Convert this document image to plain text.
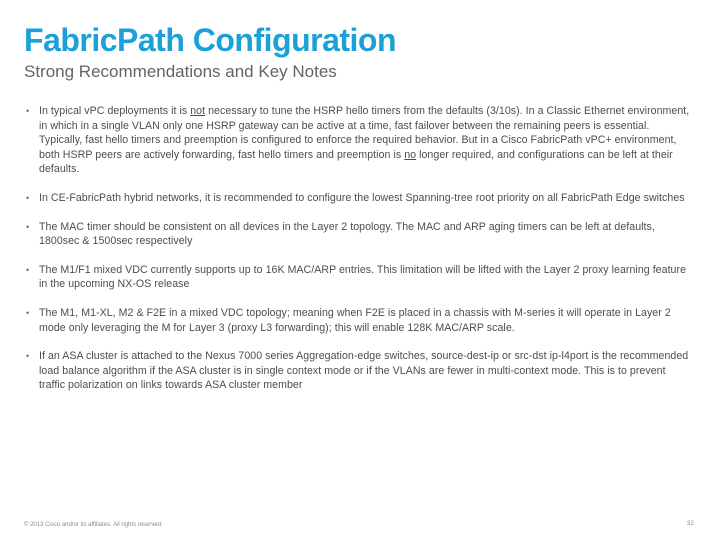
FabricPath Configuration
Strong Recommendations and Key Notes
• In typical vPC deployments it is not necessary to tune the HSRP hello timers from the defaults (3/10s). In a Classic Ethernet environment, in which in a single VLAN only one HSRP gateway can be active at a time, fast failover between the remaining peers is essential. Typically, fast hello timers and preemption is configured to enforce the required behavior. But in a Cisco FabricPath vPC+ environment, both HSRP peers are actively forwarding, fast hello timers and preemption is no longer required, and configurations can be left at their defaults.
• In CE-FabricPath hybrid networks, it is recommended to configure the lowest Spanning-tree root priority on all FabricPath Edge switches
• The MAC timer should be consistent on all devices in the Layer 2 topology. The MAC and ARP aging timers can be left at defaults, 1800sec & 1500sec respectively
• The M1/F1 mixed VDC currently supports up to 16K MAC/ARP entries. This limitation will be lifted with the Layer 2 proxy learning feature in the upcoming NX-OS release
• The M1, M1-XL, M2 & F2E in a mixed VDC topology; meaning when F2E is placed in a chassis with M-series it will operate in Layer 2 mode only leveraging the M for Layer 3 (proxy L3 forwarding); this will enable 128K MAC/ARP scale.
• If an ASA cluster is attached to the Nexus 7000 series Aggregation-edge switches, source-dest-ip or src-dst ip-l4port is the recommended load balance algorithm if the ASA cluster is in single context mode or if the VLANs are fewer in multi-context mode. This is to prevent traffic polarization on links towards ASA cluster member
© 2013 Cisco and/or its affiliates. All rights reserved.	32
